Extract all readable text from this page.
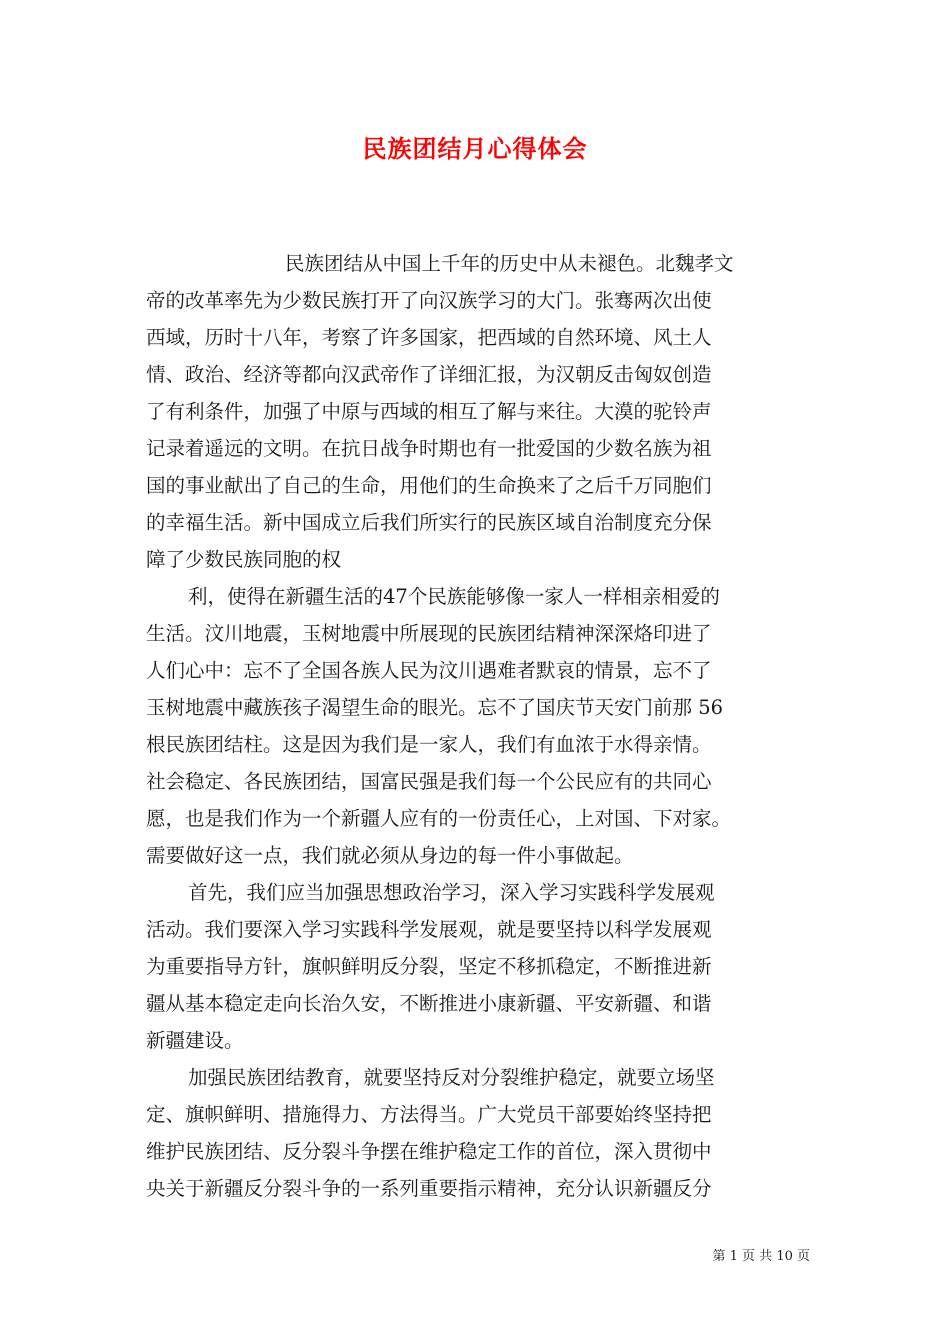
民族团结月心得体会
民族团结从中国上千年的历史中从未褪色。北魏孝文
帝的改革率先为少数民族打开了向汉族学习的大门。张骞两次出使
西域，历时十八年，考察了许多国家，把西域的自然环境、风土人
情、政治、经济等都向汉武帝作了详细汇报，为汉朝反击匈奴创造
了有利条件，加强了中原与西域的相互了解与来往。大漠的驼铃声
记录着遥远的文明。在抗日战争时期也有一批爱国的少数名族为祖
国的事业献出了自己的生命，用他们的生命换来了之后千万同胞们
的幸福生活。新中国成立后我们所实行的民族区域自治制度充分保
障了少数民族同胞的权
利，使得在新疆生活的47个民族能够像一家人一样相亲相爱的
生活。汶川地震，玉树地震中所展现的民族团结精神深深烙印进了
人们心中：忘不了全国各族人民为汶川遇难者默哀的情景，忘不了
玉树地震中藏族孩子渴望生命的眼光。忘不了国庆节天安门前那 56
根民族团结柱。这是因为我们是一家人，我们有血浓于水得亲情。
社会稳定、各民族团结，国富民强是我们每一个公民应有的共同心
愿，也是我们作为一个新疆人应有的一份责任心，上对国、下对家。
需要做好这一点，我们就必须从身边的每一件小事做起。
首先，我们应当加强思想政治学习，深入学习实践科学发展观
活动。我们要深入学习实践科学发展观，就是要坚持以科学发展观
为重要指导方针，旗帜鲜明反分裂，坚定不移抓稳定，不断推进新
疆从基本稳定走向长治久安，不断推进小康新疆、平安新疆、和谐
新疆建设。
加强民族团结教育，就要坚持反对分裂维护稳定，就要立场坚
定、旗帜鲜明、措施得力、方法得当。广大党员干部要始终坚持把
维护民族团结、反分裂斗争摆在维护稳定工作的首位，深入贯彻中
央关于新疆反分裂斗争的一系列重要指示精神，充分认识新疆反分
第 1 页 共 10 页
